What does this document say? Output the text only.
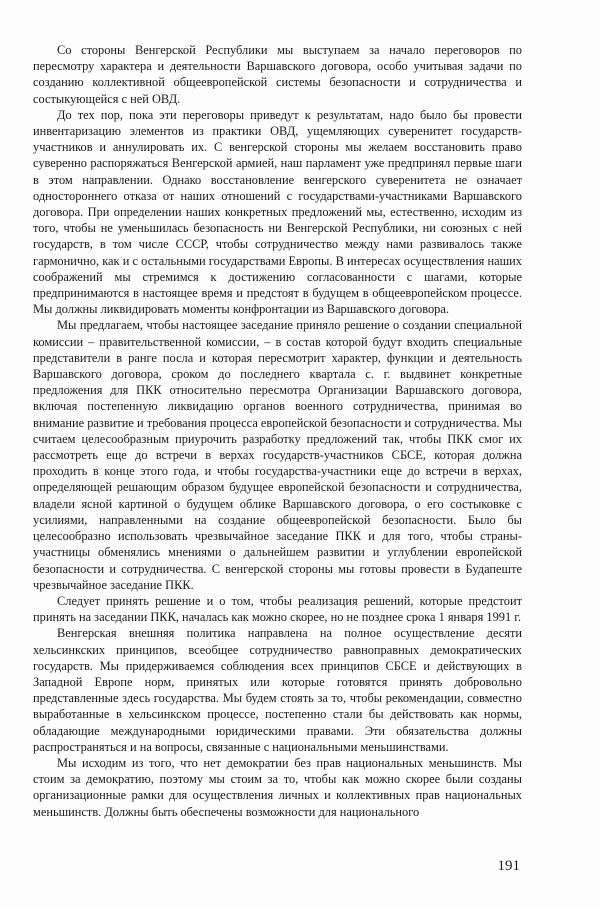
Со стороны Венгерской Республики мы выступаем за начало переговоров по пересмотру характера и деятельности Варшавского договора, особо учитывая задачи по созданию коллективной общеевропейской системы безопасности и сотрудничества и состыкующейся с ней ОВД.

До тех пор, пока эти переговоры приведут к результатам, надо было бы провести инвентаризацию элементов из практики ОВД, ущемляющих суверенитет государств-участников и аннулировать их. С венгерской стороны мы желаем восстановить право суверенно распоряжаться Венгерской армией, наш парламент уже предпринял первые шаги в этом направлении. Однако восстановление венгерского суверенитета не означает одностороннего отказа от наших отношений с государствами-участниками Варшавского договора. При определении наших конкретных предложений мы, естественно, исходим из того, чтобы не уменьшилась безопасность ни Венгерской Республики, ни союзных с ней государств, в том числе СССР, чтобы сотрудничество между нами развивалось также гармонично, как и с остальными государствами Европы. В интересах осуществления наших соображений мы стремимся к достижению согласованности с шагами, которые предпринимаются в настоящее время и предстоят в будущем в общеевропейском процессе. Мы должны ликвидировать моменты конфронтации из Варшавского договора.

Мы предлагаем, чтобы настоящее заседание приняло решение о создании специальной комиссии – правительственной комиссии, – в состав которой будут входить специальные представители в ранге посла и которая пересмотрит характер, функции и деятельность Варшавского договора, сроком до последнего квартала с. г. выдвинет конкретные предложения для ПКК относительно пересмотра Организации Варшавского договора, включая постепенную ликвидацию органов военного сотрудничества, принимая во внимание развитие и требования процесса европейской безопасности и сотрудничества. Мы считаем целесообразным приурочить разработку предложений так, чтобы ПКК смог их рассмотреть еще до встречи в верхах государств-участников СБСЕ, которая должна проходить в конце этого года, и чтобы государства-участники еще до встречи в верхах, определяющей решающим образом будущее европейской безопасности и сотрудничества, владели ясной картиной о будущем облике Варшавского договора, о его состыковке с усилиями, направленными на создание общеевропейской безопасности. Было бы целесообразно использовать чрезвычайное заседание ПКК и для того, чтобы страны-участницы обменялись мнениями о дальнейшем развитии и углублении европейской безопасности и сотрудничества. С венгерской стороны мы готовы провести в Будапеште чрезвычайное заседание ПКК.

Следует принять решение и о том, чтобы реализация решений, которые предстоит принять на заседании ПКК, началась как можно скорее, но не позднее срока 1 января 1991 г.

Венгерская внешняя политика направлена на полное осуществление десяти хельсинкских принципов, всеобщее сотрудничество равноправных демократических государств. Мы придерживаемся соблюдения всех принципов СБСЕ и действующих в Западной Европе норм, принятых или которые готовятся принять добровольно представленные здесь государства. Мы будем стоять за то, чтобы рекомендации, совместно выработанные в хельсинкском процессе, постепенно стали бы действовать как нормы, обладающие международными юридическими правами. Эти обязательства должны распространяться и на вопросы, связанные с национальными меньшинствами.

Мы исходим из того, что нет демократии без прав национальных меньшинств. Мы стоим за демократию, поэтому мы стоим за то, чтобы как можно скорее были созданы организационные рамки для осуществления личных и коллективных прав национальных меньшинств. Должны быть обеспечены возможности для национального

191
